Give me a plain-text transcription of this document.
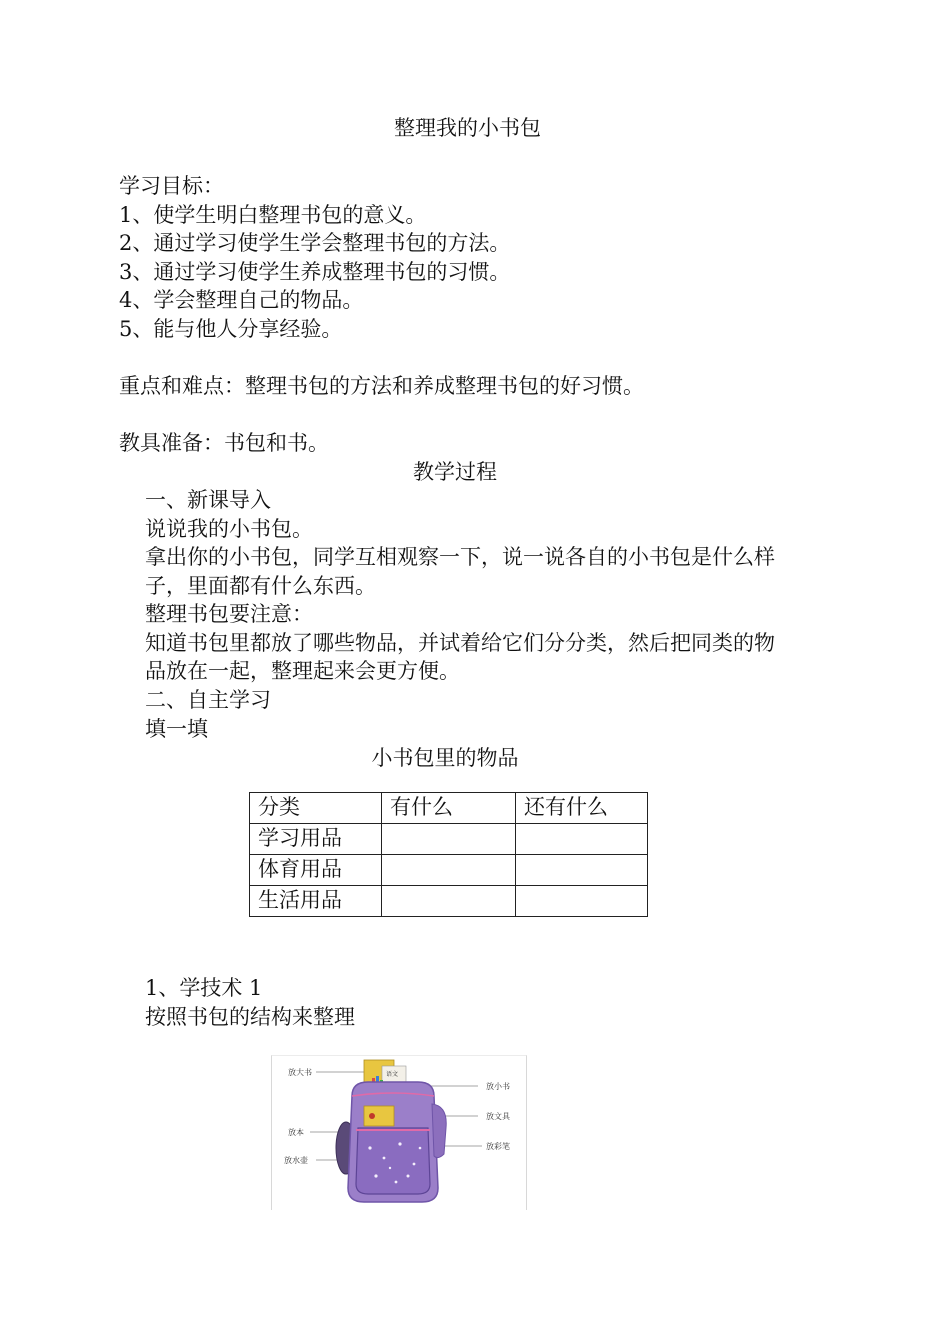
整理我的小书包
学习目标：
1、使学生明白整理书包的意义。
2、通过学习使学生学会整理书包的方法。
3、通过学习使学生养成整理书包的习惯。
4、学会整理自己的物品。
5、能与他人分享经验。
重点和难点：整理书包的方法和养成整理书包的好习惯。
教具准备：书包和书。
教学过程
一、新课导入
说说我的小书包。
拿出你的小书包，同学互相观察一下，说一说各自的小书包是什么样
子，里面都有什么东西。
整理书包要注意：
知道书包里都放了哪些物品，并试着给它们分分类，然后把同类的物
品放在一起，整理起来会更方便。
二、自主学习
填一填
小书包里的物品
分类	有什么	还有什么
学习用品		
体育用品		
生活用品		
1、学技术 1
按照书包的结构来整理
语文
放大书
放小书
放文具
放本
放彩笔
放水壶
